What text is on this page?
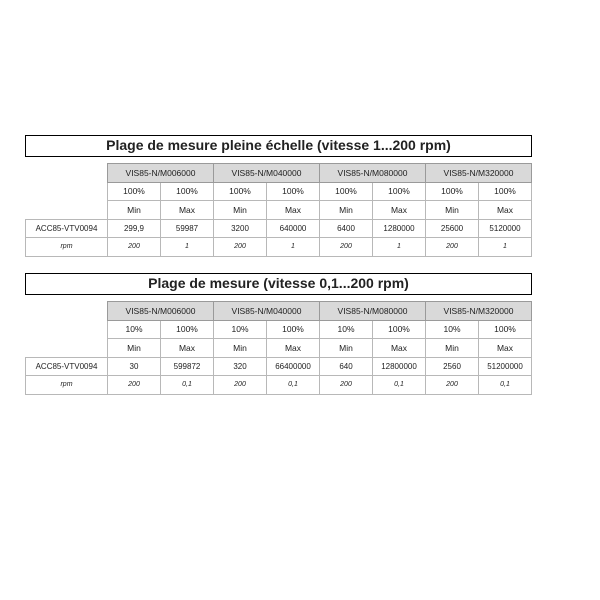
Plage de mesure pleine échelle (vitesse 1...200 rpm)
	VIS85-N/M006000		VIS85-N/M040000		VIS85-N/M080000		VIS85-N/M320000	
	100%	100%	100%	100%	100%	100%	100%	100%
	Min	Max	Min	Max	Min	Max	Min	Max
ACC85-VTV0094	299,9	59987	3200	640000	6400	1280000	25600	5120000
rpm	200	1	200	1	200	1	200	1
Plage de mesure (vitesse 0,1...200 rpm)
	VIS85-N/M006000		VIS85-N/M040000		VIS85-N/M080000		VIS85-N/M320000	
	10%	100%	10%	100%	10%	100%	10%	100%
	Min	Max	Min	Max	Min	Max	Min	Max
ACC85-VTV0094	30	599872	320	66400000	640	12800000	2560	51200000
rpm	200	0,1	200	0,1	200	0,1	200	0,1
